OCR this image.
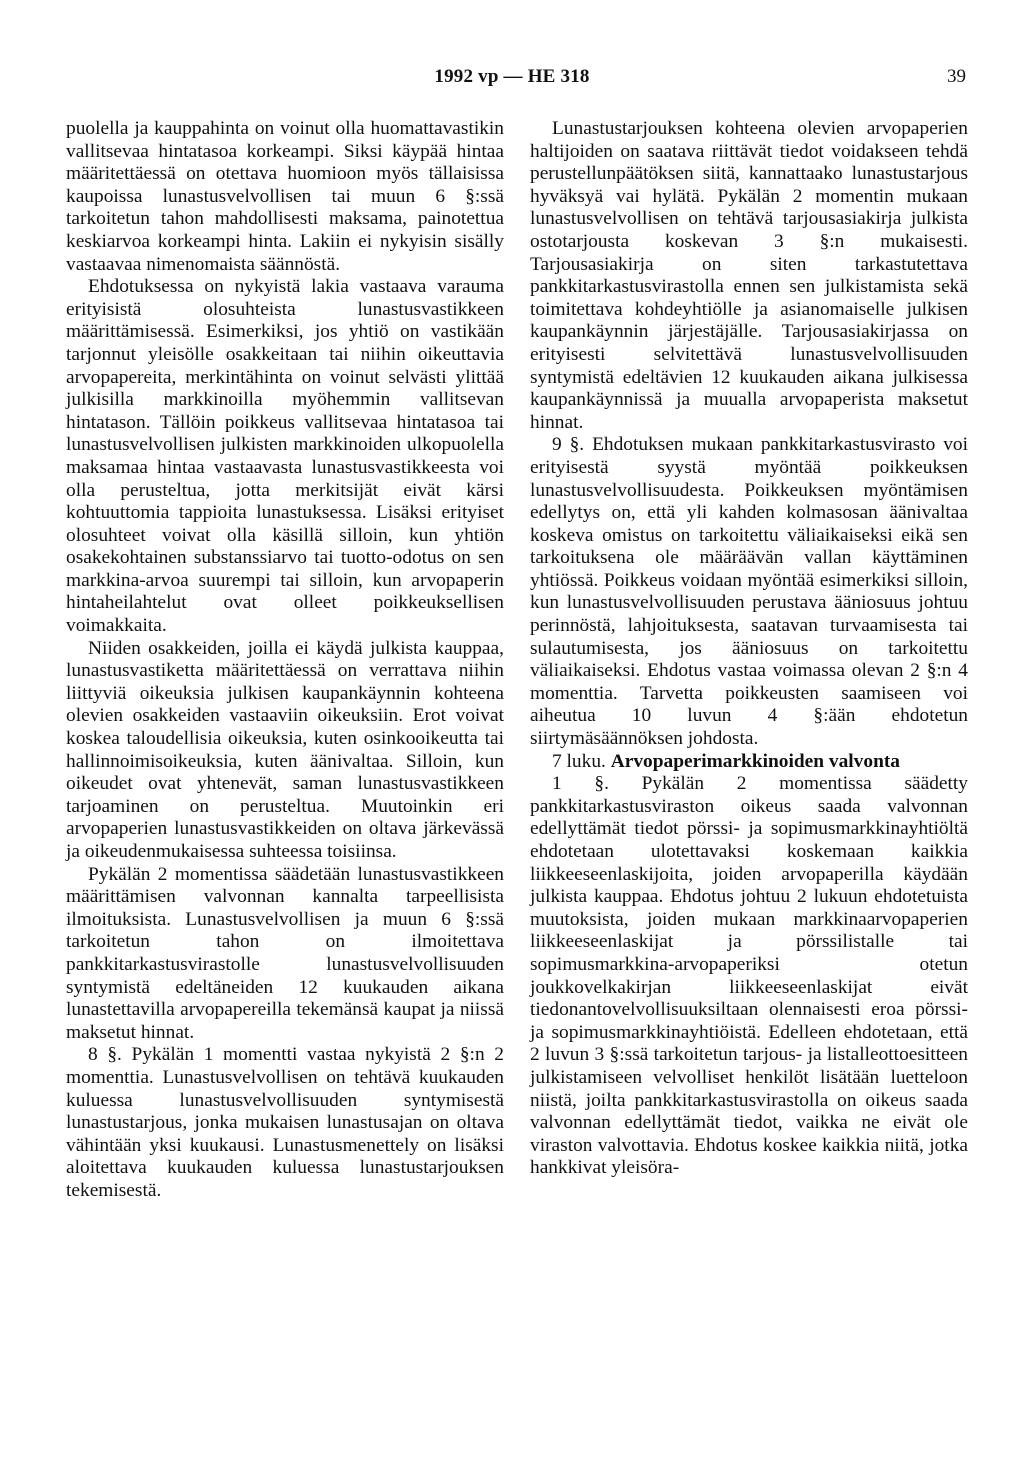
1992 vp — HE 318	39

puolella ja kauppahinta on voinut olla huomattavastikin vallitsevaa hintatasoa korkeampi. Siksi käypää hintaa määritettäessä on otettava huomioon myös tällaisissa kaupoissa lunastusvelvollisen tai muun 6 §:ssä tarkoitetun tahon mahdollisesti maksama, painotettua keskiarvoa korkeampi hinta. Lakiin ei nykyisin sisälly vastaavaa nimenomaista säännöstä.

Ehdotuksessa on nykyistä lakia vastaava varauma erityisistä olosuhteista lunastusvastikkeen määrittämisessä. Esimerkiksi, jos yhtiö on vastikään tarjonnut yleisölle osakkeitaan tai niihin oikeuttavia arvopapereita, merkintähinta on voinut selvästi ylittää julkisilla markkinoilla myöhemmin vallitsevan hintatason. Tällöin poikkeus vallitsevaa hintatasoa tai lunastusvelvollisen julkisten markkinoiden ulkopuolella maksamaa hintaa vastaavasta lunastusvastikkeesta voi olla perusteltua, jotta merkitsijät eivät kärsi kohtuuttomia tappioita lunastuksessa. Lisäksi erityiset olosuhteet voivat olla käsillä silloin, kun yhtiön osakekohtainen substanssiarvo tai tuotto-odotus on sen markkina-arvoa suurempi tai silloin, kun arvopaperin hintaheilahtelut ovat olleet poikkeuksellisen voimakkaita.

Niiden osakkeiden, joilla ei käydä julkista kauppaa, lunastusvastiketta määritettäessä on verrattava niihin liittyviä oikeuksia julkisen kaupankäynnin kohteena olevien osakkeiden vastaaviin oikeuksiin. Erot voivat koskea taloudellisia oikeuksia, kuten osinkooikeutta tai hallinnoimisoikeuksia, kuten äänivaltaa. Silloin, kun oikeudet ovat yhtenevät, saman lunastusvastikkeen tarjoaminen on perusteltua. Muutoinkin eri arvopaperien lunastusvastikkeiden on oltava järkevässä ja oikeudenmukaisessa suhteessa toisiinsa.

Pykälän 2 momentissa säädetään lunastusvastikkeen määrittämisen valvonnan kannalta tarpeellisista ilmoituksista. Lunastusvelvollisen ja muun 6 §:ssä tarkoitetun tahon on ilmoitettava pankkitarkastusvirastolle lunastusvelvollisuuden syntymistä edeltäneiden 12 kuukauden aikana lunastettavilla arvopapereilla tekemänsä kaupat ja niissä maksetut hinnat.

8 §. Pykälän 1 momentti vastaa nykyistä 2 §:n 2 momenttia. Lunastusvelvollisen on tehtävä kuukauden kuluessa lunastusvelvollisuuden syntymisestä lunastustarjous, jonka mukaisen lunastusajan on oltava vähintään yksi kuukausi. Lunastusmenettely on lisäksi aloitettava kuukauden kuluessa lunastustarjouksen tekemisestä.

Lunastustarjouksen kohteena olevien arvopaperien haltijoiden on saatava riittävät tiedot voidakseen tehdä perustellunpäätöksen siitä, kannattaako lunastustarjous hyväksyä vai hylätä. Pykälän 2 momentin mukaan lunastusvelvollisen on tehtävä tarjousasiakirja julkista ostotarjousta koskevan 3 §:n mukaisesti. Tarjousasiakirja on siten tarkastutettava pankkitarkastusvirastolla ennen sen julkistamista sekä toimitettava kohdeyhtiölle ja asianomaiselle julkisen kaupankäynnin järjestäjälle. Tarjousasiakirjassa on erityisesti selvitettävä lunastusvelvollisuuden syntymistä edeltävien 12 kuukauden aikana julkisessa kaupankäynnissä ja muualla arvopaperista maksetut hinnat.

9 §. Ehdotuksen mukaan pankkitarkastusvirasto voi erityisestä syystä myöntää poikkeuksen lunastusvelvollisuudesta. Poikkeuksen myöntämisen edellytys on, että yli kahden kolmasosan äänivaltaa koskeva omistus on tarkoitettu väliaikaiseksi eikä sen tarkoituksena ole määräävän vallan käyttäminen yhtiössä. Poikkeus voidaan myöntää esimerkiksi silloin, kun lunastusvelvollisuuden perustava ääniosuus johtuu perinnöstä, lahjoituksesta, saatavan turvaamisesta tai sulautumisesta, jos ääniosuus on tarkoitettu väliaikaiseksi. Ehdotus vastaa voimassa olevan 2 §:n 4 momenttia. Tarvetta poikkeusten saamiseen voi aiheutua 10 luvun 4 §:ään ehdotetun siirtymäsäännöksen johdosta.

7 luku. Arvopaperimarkkinoiden valvonta

1 §. Pykälän 2 momentissa säädetty pankkitarkastusviraston oikeus saada valvonnan edellyttämät tiedot pörssi- ja sopimusmarkkinayhtiöltä ehdotetaan ulotettavaksi koskemaan kaikkia liikkeeseenlaskijoita, joiden arvopaperilla käydään julkista kauppaa. Ehdotus johtuu 2 lukuun ehdotetuista muutoksista, joiden mukaan markkinaarvopaperien liikkeeseenlaskijat ja pörssilistalle tai sopimusmarkkina-arvopaperiksi otetun joukkovelkakirjan liikkeeseenlaskijat eivät tiedonantovelvollisuuksiltaan olennaisesti eroa pörssi- ja sopimusmarkkinayhtiöistä. Edelleen ehdotetaan, että 2 luvun 3 §:ssä tarkoitetun tarjous- ja listalleottoesitteen julkistamiseen velvolliset henkilöt lisätään luetteloon niistä, joilta pankkitarkastusvirastolla on oikeus saada valvonnan edellyttämät tiedot, vaikka ne eivät ole viraston valvottavia. Ehdotus koskee kaikkia niitä, jotka hankkivat yleisöra-
